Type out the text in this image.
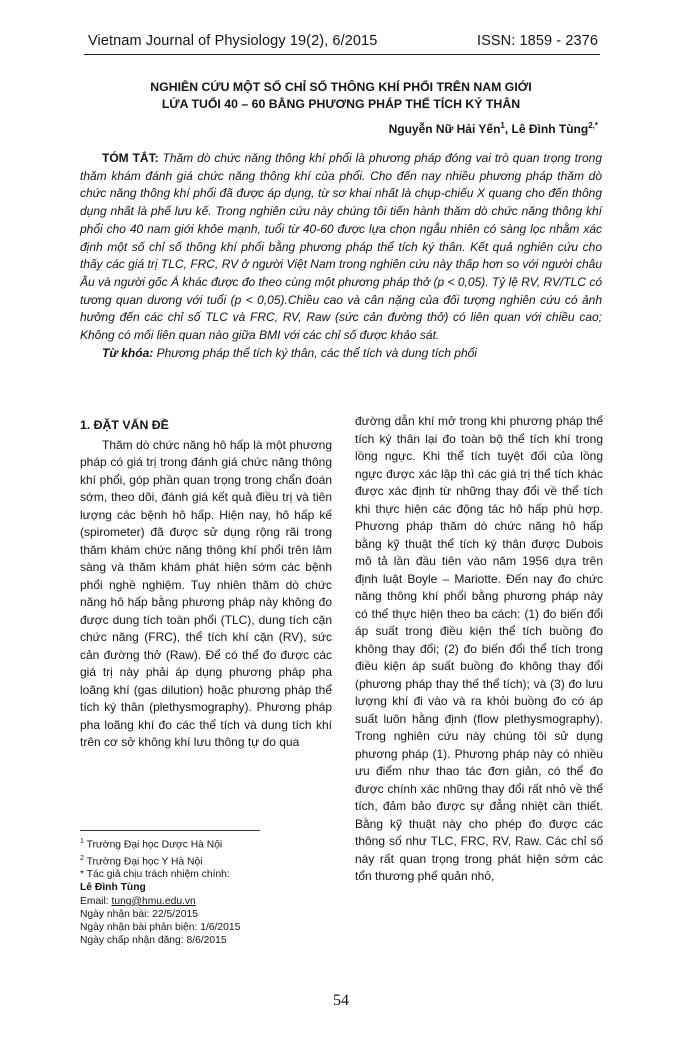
Vietnam Journal of Physiology 19(2), 6/2015	ISSN: 1859 - 2376
NGHIÊN CỨU MỘT SỐ CHỈ SỐ THÔNG KHÍ PHỔI TRÊN NAM GIỚI
LỨA TUỔI 40 – 60 BẰNG PHƯƠNG PHÁP THỂ TÍCH KÝ THÂN
Nguyễn Nữ Hải Yến$^1$, Lê Đình Tùng$^{2,*}$
TÓM TẮT: Thăm dò chức năng thông khí phổi là phương pháp đóng vai trò quan trọng trong thăm khám đánh giá chức năng thông khí của phổi. Cho đến nay nhiều phương pháp thăm dò chức năng thông khí phổi đã được áp dụng, từ sơ khai nhất là chụp-chiếu X quang cho đến thông dụng nhất là phế lưu kế. Trong nghiên cứu này chúng tôi tiến hành thăm dò chức năng thông khí phổi cho 40 nam giới khỏe mạnh, tuổi từ 40-60 được lựa chọn ngẫu nhiên có sàng lọc nhằm xác định một số chỉ số thông khí phổi bằng phương pháp thể tích ký thân. Kết quả nghiên cứu cho thấy các giá trị TLC, FRC, RV ở người Việt Nam trong nghiên cứu này thấp hơn so với người châu Âu và người gốc Á khác được đo theo cùng một phương pháp thở (p < 0,05). Tỷ lệ RV, RV/TLC có tương quan dương với tuổi (p < 0,05).Chiều cao và cân nặng của đối tượng nghiên cứu có ảnh hưởng đến các chỉ số TLC và FRC, RV, Raw (sức cản đường thở) có liên quan với chiều cao; Không có mối liên quan nào giữa BMI với các chỉ số được khảo sát.
Từ khóa: Phương pháp thể tích ký thân, các thể tích và dung tích phổi
1. ĐẶT VẤN ĐỀ

Thăm dò chức năng hô hấp là một phương pháp có giá trị trong đánh giá chức năng thông khí phổi, góp phần quan trọng trong chẩn đoán sớm, theo dõi, đánh giá kết quả điều trị và tiên lượng các bệnh hô hấp. Hiện nay, hô hấp kế (spirometer) đã được sử dụng rộng rãi trong thăm khám chức năng thông khí phổi trên lâm sàng và thăm khám phát hiện sớm các bệnh phổi nghề nghiệm. Tuy nhiên thăm dò chức năng hô hấp bằng phương pháp này không đo được dung tích toàn phổi (TLC), dung tích cặn chức năng (FRC), thể tích khí cặn (RV), sức cản đường thở (Raw). Để có thể đo được các giá trị này phải áp dụng phương pháp pha loãng khí (gas dilution) hoặc phương pháp thể tích ký thân (plethysmography). Phương pháp pha loãng khí đo các thể tích và dung tích khí trên cơ sở không khí lưu thông tự do qua

đường dẫn khí mở trong khi phương pháp thể tích ký thân lại đo toàn bộ thể tích khí trong lồng ngực. Khi thể tích tuyệt đối của lồng ngực được xác lập thì các giá trị thể tích khác được xác định từ những thay đổi về thể tích khi thực hiện các động tác hô hấp phù hợp. Phương pháp thăm dò chức năng hô hấp bằng kỹ thuật thể tích ký thân được Dubois mô tả lần đầu tiên vào năm 1956 dựa trên định luật Boyle – Mariotte. Đến nay đo chức năng thông khí phổi bằng phương pháp này có thể thực hiện theo ba cách: (1) đo biến đổi áp suất trong điều kiện thể tích buồng đo không thay đổi; (2) đo biến đổi thể tích trong điều kiện áp suất buồng đo không thay đổi (phương pháp thay thế thể tích); và (3) đo lưu lượng khí đi vào và ra khỏi buồng đo có áp suất luôn hằng định (flow plethysmography). Trong nghiên cứu này chúng tôi sử dụng phương pháp (1). Phương pháp này có nhiều ưu điểm như thao tác đơn giản, có thể đo được chính xác những thay đổi rất nhỏ về thể tích, đảm bảo được sự đẳng nhiệt cần thiết. Bằng kỹ thuật này cho phép đo được các thông số như TLC, FRC, RV, Raw. Các chỉ số này rất quan trọng trong phát hiện sớm các tổn thương phế quản nhỏ,

$^1$ Trường Đại học Dược Hà Nội
$^2$ Trường Đại học Y Hà Nội
* Tác giả chịu trách nhiệm chính:
Lê Đình Tùng
Email: tung@hmu.edu.vn
Ngày nhận bài: 22/5/2015
Ngày nhận bài phản biện: 1/6/2015
Ngày chấp nhận đăng: 8/6/2015
54
